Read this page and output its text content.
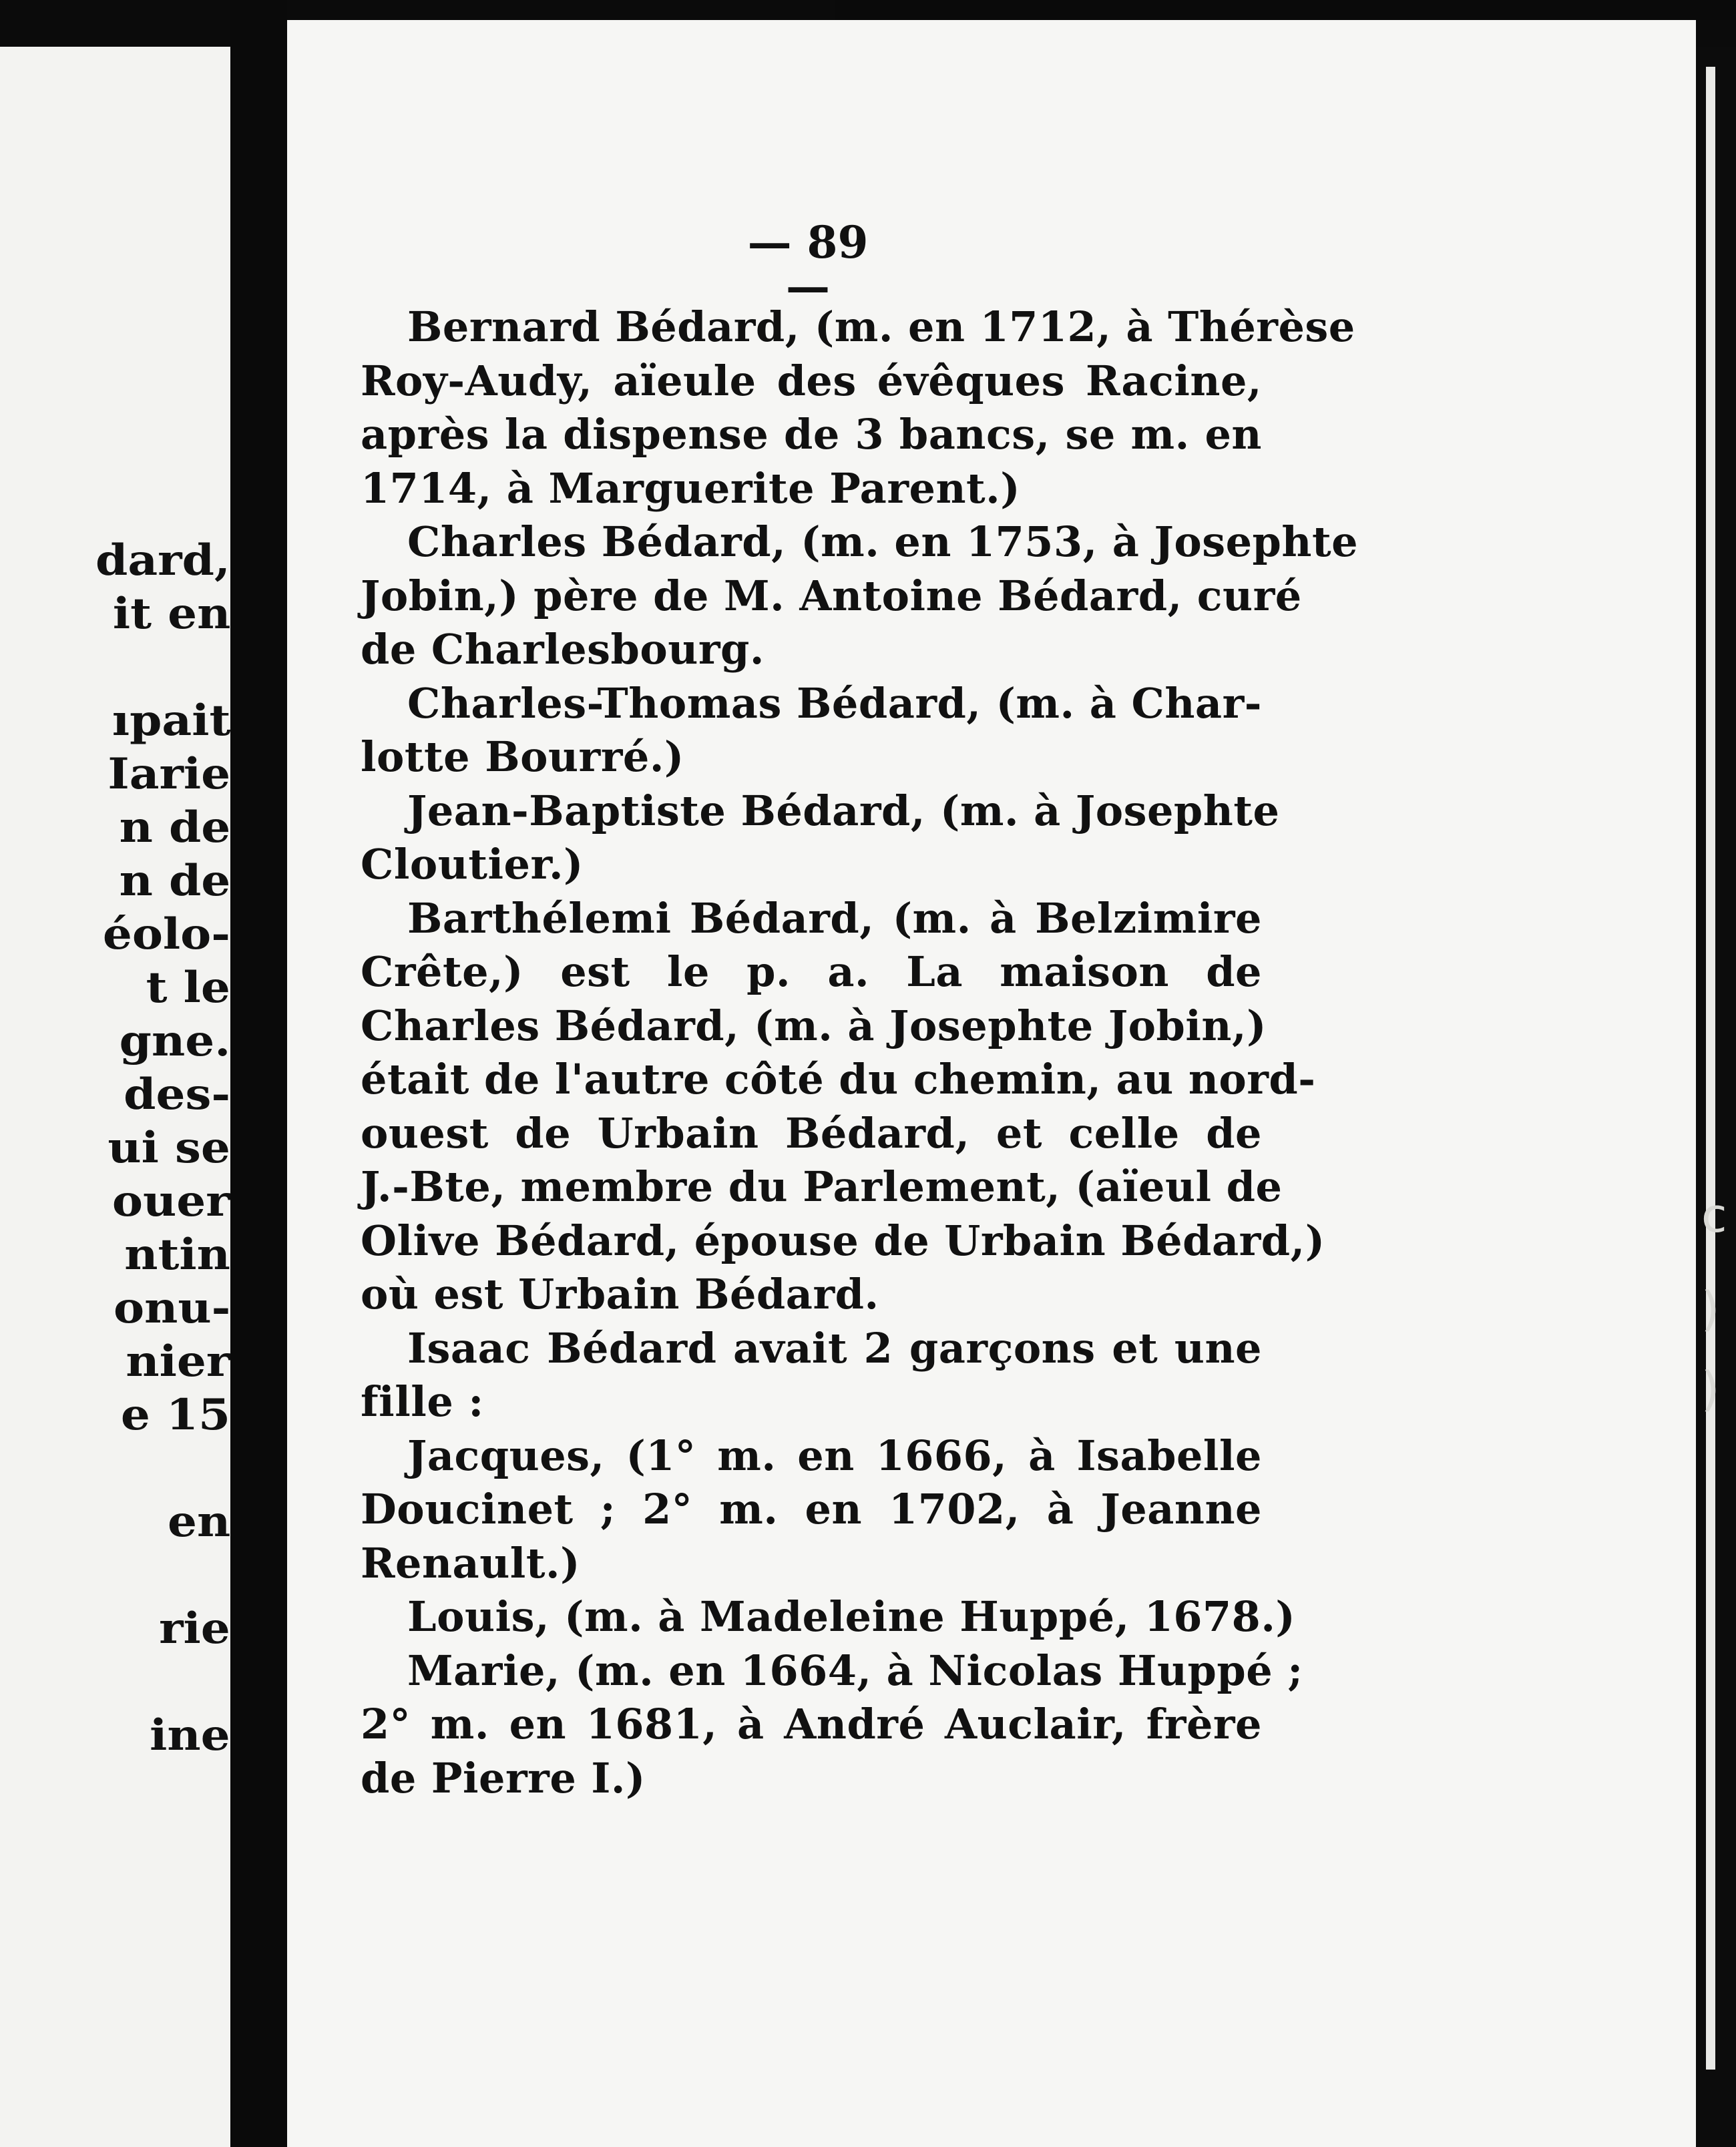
dard,
it en
ıpait
Iarie
n de
n de
éolo-
t le
gne.
des-
ui se
ouer
ntin
onu-
nier
e 15
en
rie
ine
c
)
)
— 89 —
Bernard Bédard, (m. en 1712, à Thérèse
Roy-Audy, aïeule des évêques Racine,
après la dispense de 3 bancs, se m. en
1714, à Marguerite Parent.)
Charles Bédard, (m. en 1753, à Josephte
Jobin,) père de M. Antoine Bédard, curé
de Charlesbourg.
Charles-Thomas Bédard, (m. à Char-
lotte Bourré.)
Jean-Baptiste Bédard, (m. à Josephte
Cloutier.)
Barthélemi Bédard, (m. à Belzimire
Crête,) est le p. a. La maison de
Charles Bédard, (m. à Josephte Jobin,)
était de l'autre côté du chemin, au nord-
ouest de Urbain Bédard, et celle de
J.-Bte, membre du Parlement, (aïeul de
Olive Bédard, épouse de Urbain Bédard,)
où est Urbain Bédard.
Isaac Bédard avait 2 garçons et une
fille :
Jacques, (1° m. en 1666, à Isabelle
Doucinet ; 2° m. en 1702, à Jeanne
Renault.)
Louis, (m. à Madeleine Huppé, 1678.)
Marie, (m. en 1664, à Nicolas Huppé ;
2° m. en 1681, à André Auclair, frère
de Pierre I.)
